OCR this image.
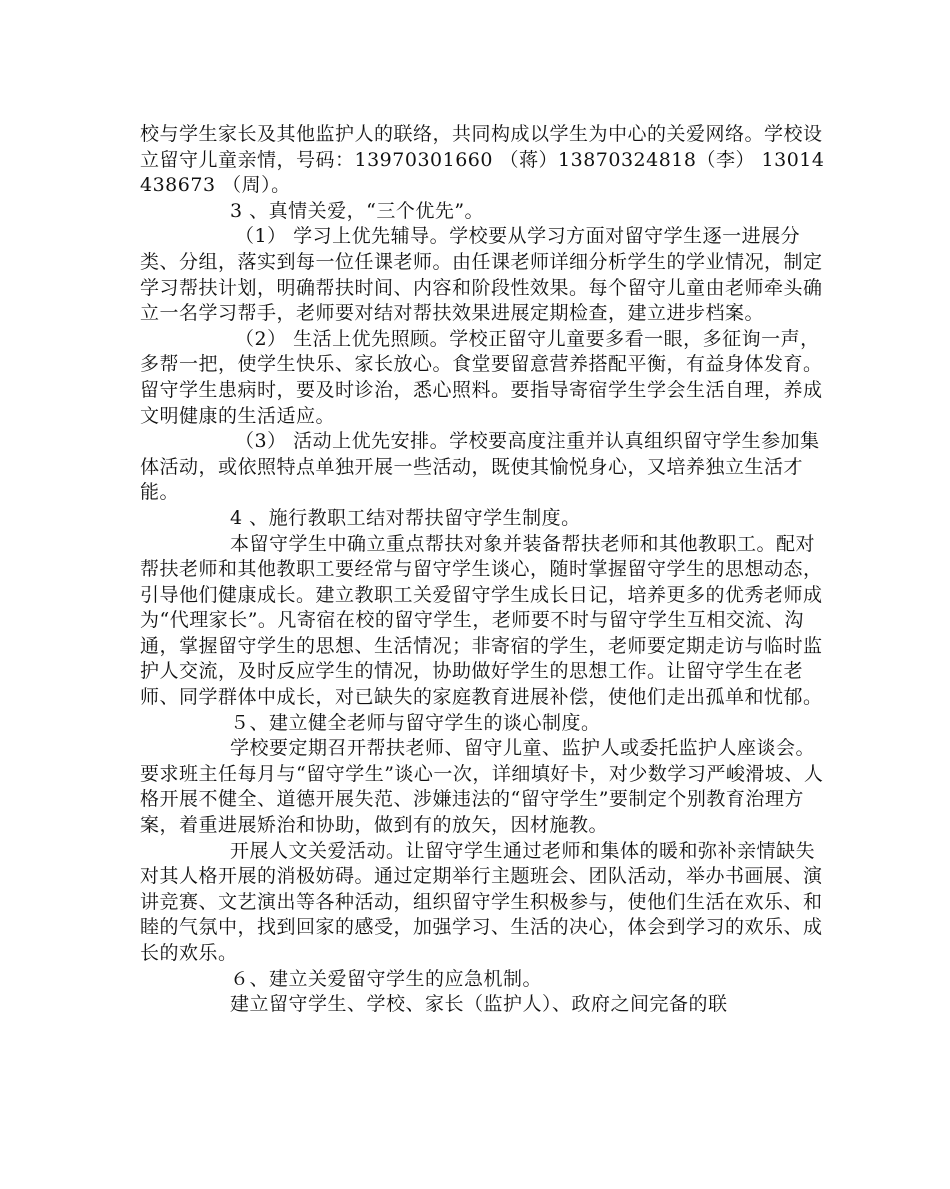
校与学生家长及其他监护人的联络，共同构成以学生为中心的关爱网络。学校设立留守儿童亲情，号码：13970301660 （蒋）13870324818（李） 13014438673 （周）。

3 、真情关爱，“三个优先”。

（1） 学习上优先辅导。学校要从学习方面对留守学生逐一进展分类、分组，落实到每一位任课老师。由任课老师详细分析学生的学业情况，制定学习帮扶计划，明确帮扶时间、内容和阶段性效果。每个留守儿童由老师牵头确立一名学习帮手，老师要对结对帮扶效果进展定期检查，建立进步档案。

（2） 生活上优先照顾。学校正留守儿童要多看一眼，多征询一声，多帮一把，使学生快乐、家长放心。食堂要留意营养搭配平衡，有益身体发育。留守学生患病时，要及时诊治，悉心照料。要指导寄宿学生学会生活自理，养成文明健康的生活适应。

（3） 活动上优先安排。学校要高度注重并认真组织留守学生参加集体活动，或依照特点单独开展一些活动，既使其愉悦身心，又培养独立生活才能。

4 、施行教职工结对帮扶留守学生制度。

本留守学生中确立重点帮扶对象并装备帮扶老师和其他教职工。配对帮扶老师和其他教职工要经常与留守学生谈心，随时掌握留守学生的思想动态，引导他们健康成长。建立教职工关爱留守学生成长日记，培养更多的优秀老师成为“代理家长”。凡寄宿在校的留守学生，老师要不时与留守学生互相交流、沟通，掌握留守学生的思想、生活情况；非寄宿的学生，老师要定期走访与临时监护人交流，及时反应学生的情况，协助做好学生的思想工作。让留守学生在老师、同学群体中成长，对已缺失的家庭教育进展补偿，使他们走出孤单和忧郁。

５、建立健全老师与留守学生的谈心制度。

学校要定期召开帮扶老师、留守儿童、监护人或委托监护人座谈会。要求班主任每月与“留守学生”谈心一次，详细填好卡，对少数学习严峻滑坡、人格开展不健全、道德开展失范、涉嫌违法的“留守学生”要制定个别教育治理方案，着重进展矫治和协助，做到有的放矢，因材施教。

开展人文关爱活动。让留守学生通过老师和集体的暖和弥补亲情缺失对其人格开展的消极妨碍。通过定期举行主题班会、团队活动，举办书画展、演讲竞赛、文艺演出等各种活动，组织留守学生积极参与，使他们生活在欢乐、和睦的气氛中，找到回家的感受，加强学习、生活的决心，体会到学习的欢乐、成长的欢乐。

６、建立关爱留守学生的应急机制。

建立留守学生、学校、家长（监护人）、政府之间完备的联
